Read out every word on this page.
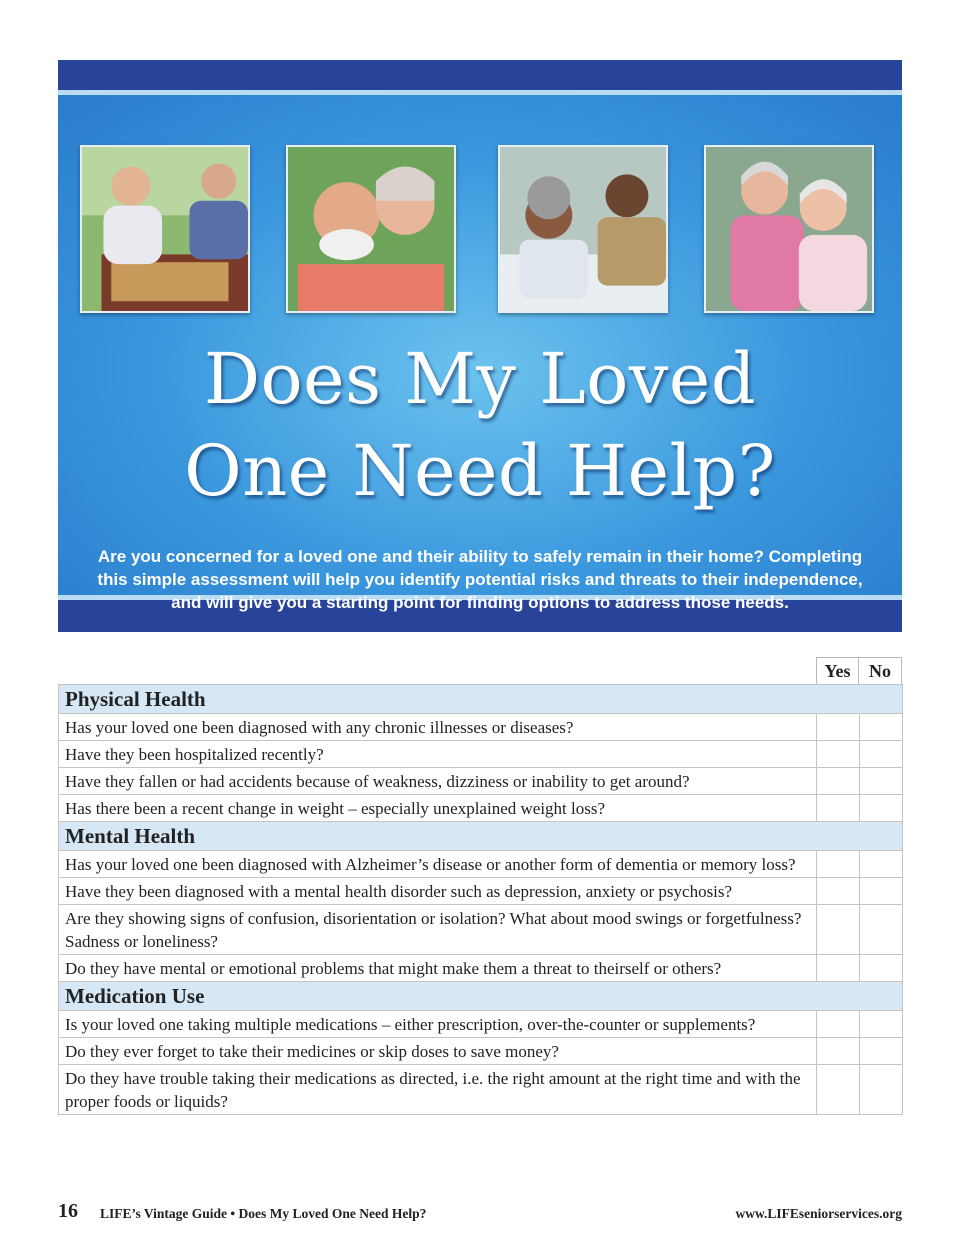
Does My Loved
One Need Help?
Are you concerned for a loved one and their ability to safely remain in their home? Completing
this simple assessment will help you identify potential risks and threats to their independence,
and will give you a starting point for finding options to address those needs.
Yes	No
Physical Health		
Has your loved one been diagnosed with any chronic illnesses or diseases?		
Have they been hospitalized recently?		
Have they fallen or had accidents because of weakness, dizziness or inability to get around?		
Has there been a recent change in weight – especially unexplained weight loss?		
Mental Health		
Has your loved one been diagnosed with Alzheimer’s disease or another form of dementia or memory loss?		
Have they been diagnosed with a mental health disorder such as depression, anxiety or psychosis?		
Are they showing signs of confusion, disorientation or isolation? What about mood swings or forgetfulness? Sadness or loneliness?		
Do they have mental or emotional problems that might make them a threat to theirself or others?		
Medication Use		
Is your loved one taking multiple medications – either prescription, over-the-counter or supplements?		
Do they ever forget to take their medicines or skip doses to save money?		
Do they have trouble taking their medications as directed, i.e. the right amount at the right time and with the proper foods or liquids?		
16 LIFE’s Vintage Guide • Does My Loved One Need Help?	www.LIFEseniorservices.org
